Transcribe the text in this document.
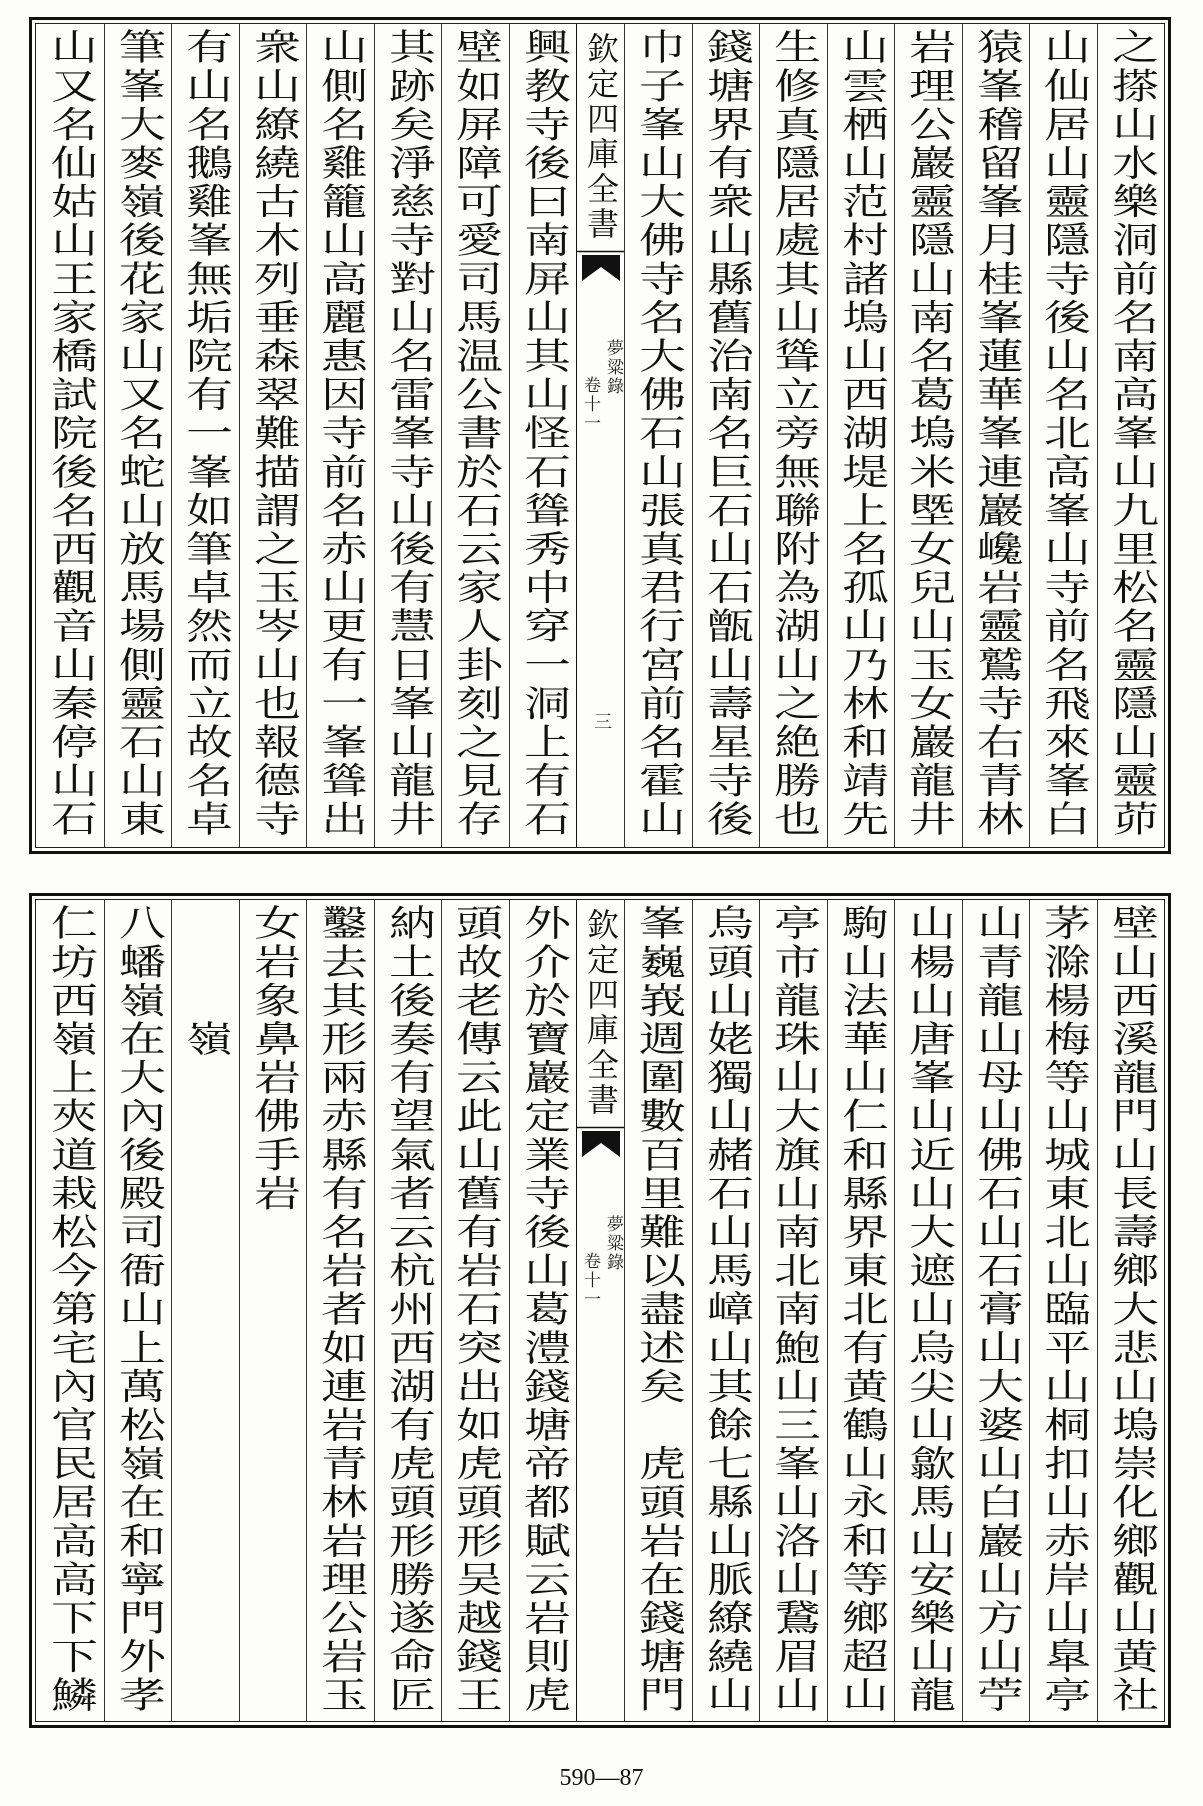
之搽山水樂洞前名南高峯山九里松名靈隱山靈茆
山仙居山靈隱寺後山名北高峯山寺前名飛來峯白
猿峯稽留峯月桂峯蓮華峯連巖巉岩靈鷲寺右青林
岩理公巖靈隱山南名葛塢米塈女兒山玉女巖龍井
山雲栖山范村諸塢山西湖堤上名孤山乃林和靖先
生修真隱居處其山聳立旁無聯附為湖山之絶勝也
錢塘界有衆山縣舊治南名巨石山石甑山壽星寺後
巾子峯山大佛寺名大佛石山張真君行宮前名霍山
欽定四庫全書
夢粱錄
卷十一
三
興教寺後曰南屏山其山怪石聳秀中穿一洞上有石
壁如屏障可愛司馬温公書於石云家人卦刻之見存
其跡矣淨慈寺對山名雷峯寺山後有慧日峯山龍井
山側名雞籠山高麗惠因寺前名赤山更有一峯聳出
衆山繚繞古木列垂森翠難描謂之玉岑山也報德寺
有山名鵝雞峯無垢院有一峯如筆卓然而立故名卓
筆峯大麥嶺後花家山又名蛇山放馬場側靈石山東
山又名仙姑山王家橋試院後名西觀音山秦停山石
壁山西溪龍門山長壽鄉大悲山塢崇化鄉觀山黄社
茅滁楊梅等山城東北山臨平山桐扣山赤岸山臯亭
山青龍山母山佛石山石膏山大婆山白巖山方山苧
山楊山唐峯山近山大遮山烏尖山歙馬山安樂山龍
駒山法華山仁和縣界東北有黄鶴山永和等鄉超山
亭市龍珠山大旗山南北南鮑山三峯山洛山鵞眉山
烏頭山姥獨山赭石山馬嶂山其餘七縣山脈繚繞山
峯巍峩週圍數百里難以盡述矣　虎頭岩在錢塘門
欽定四庫全書
夢粱錄
卷十一
外介於寶巖定業寺後山葛澧錢塘帝都賦云岩則虎
頭故老傳云此山舊有岩石突出如虎頭形吴越錢王
納土後奏有望氣者云杭州西湖有虎頭形勝遂命匠
鑿去其形兩赤縣有名岩者如連岩青林岩理公岩玉
女岩象鼻岩佛手岩
嶺
八蟠嶺在大內後殿司衙山上萬松嶺在和寧門外孝
仁坊西嶺上夾道栽松今第宅內官民居高高下下鱗
590—87
